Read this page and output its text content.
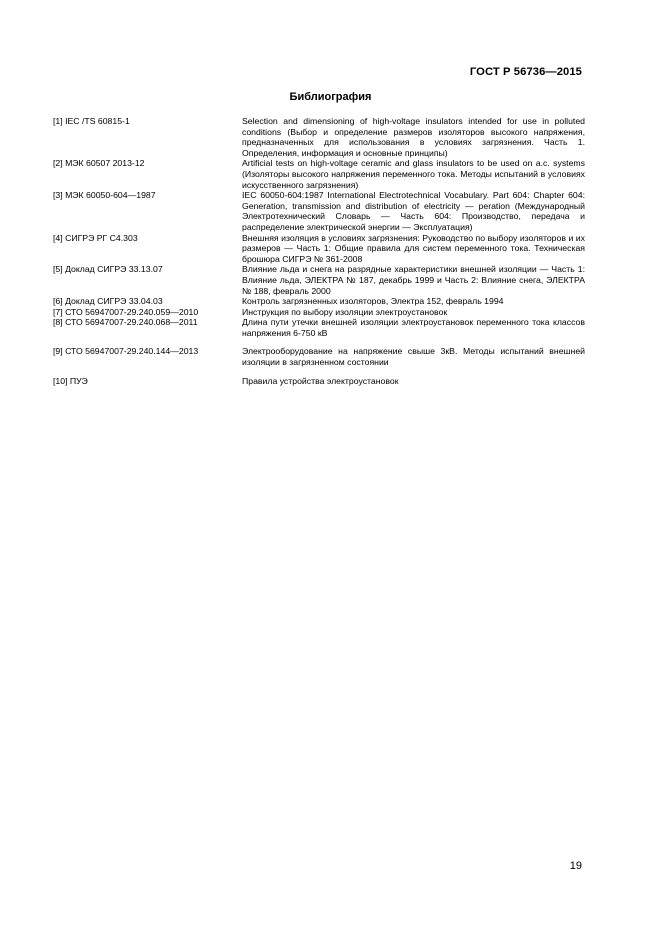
ГОСТ Р 56736—2015
Библиография
[1] IEC /TS 60815-1	Selection and dimensioning of high-voltage insulators intended for use in polluted conditions (Выбор и определение размеров изоляторов высокого напряжения, предназначенных для использования в условиях загрязнения. Часть 1. Определения, информация и основные принципы)
[2] МЭК 60507 2013-12	Artificial tests on high-voltage ceramic and glass insulators to be used on a.c. systems (Изоляторы высокого напряжения переменного тока. Методы испытаний в условиях искусственного загрязнения)
[3] МЭК 60050-604—1987	IEC 60050-604:1987 International Electrotechnical Vocabulary. Part 604: Chapter 604: Generation, transmission and distribution of electricity — peration (Международный Электротехнический Словарь — Часть 604: Производство, передача и распределение электрической энергии — Эксплуатация)
[4] СИГРЭ РГ С4.303	Внешняя изоляция в условиях загрязнения: Руководство по выбору изоляторов и их размеров — Часть 1: Общие правила для систем переменного тока. Техническая брошюра СИГРЭ № 361-2008
[5] Доклад СИГРЭ 33.13.07	Влияние льда и снега на разрядные характеристики внешней изоляции — Часть 1: Влияние льда, ЭЛЕКТРА № 187, декабрь 1999 и Часть 2: Влияние снега, ЭЛЕКТРА № 188, февраль 2000
[6] Доклад СИГРЭ 33.04.03	Контроль загрязненных изоляторов, Электра 152, февраль 1994
[7] СТО 56947007-29.240.059—2010	Инструкция по выбору изоляции электроустановок
[8] СТО 56947007-29.240.068—2011	Длина пути утечки внешней изоляции электроустановок переменного тока классов напряжения 6-750 кВ
[9] СТО 56947007-29.240.144—2013	Электрооборудование на напряжение свыше 3кВ. Методы испытаний внешней изоляции в загрязненном состоянии
[10] ПУЭ	Правила устройства электроустановок
19
